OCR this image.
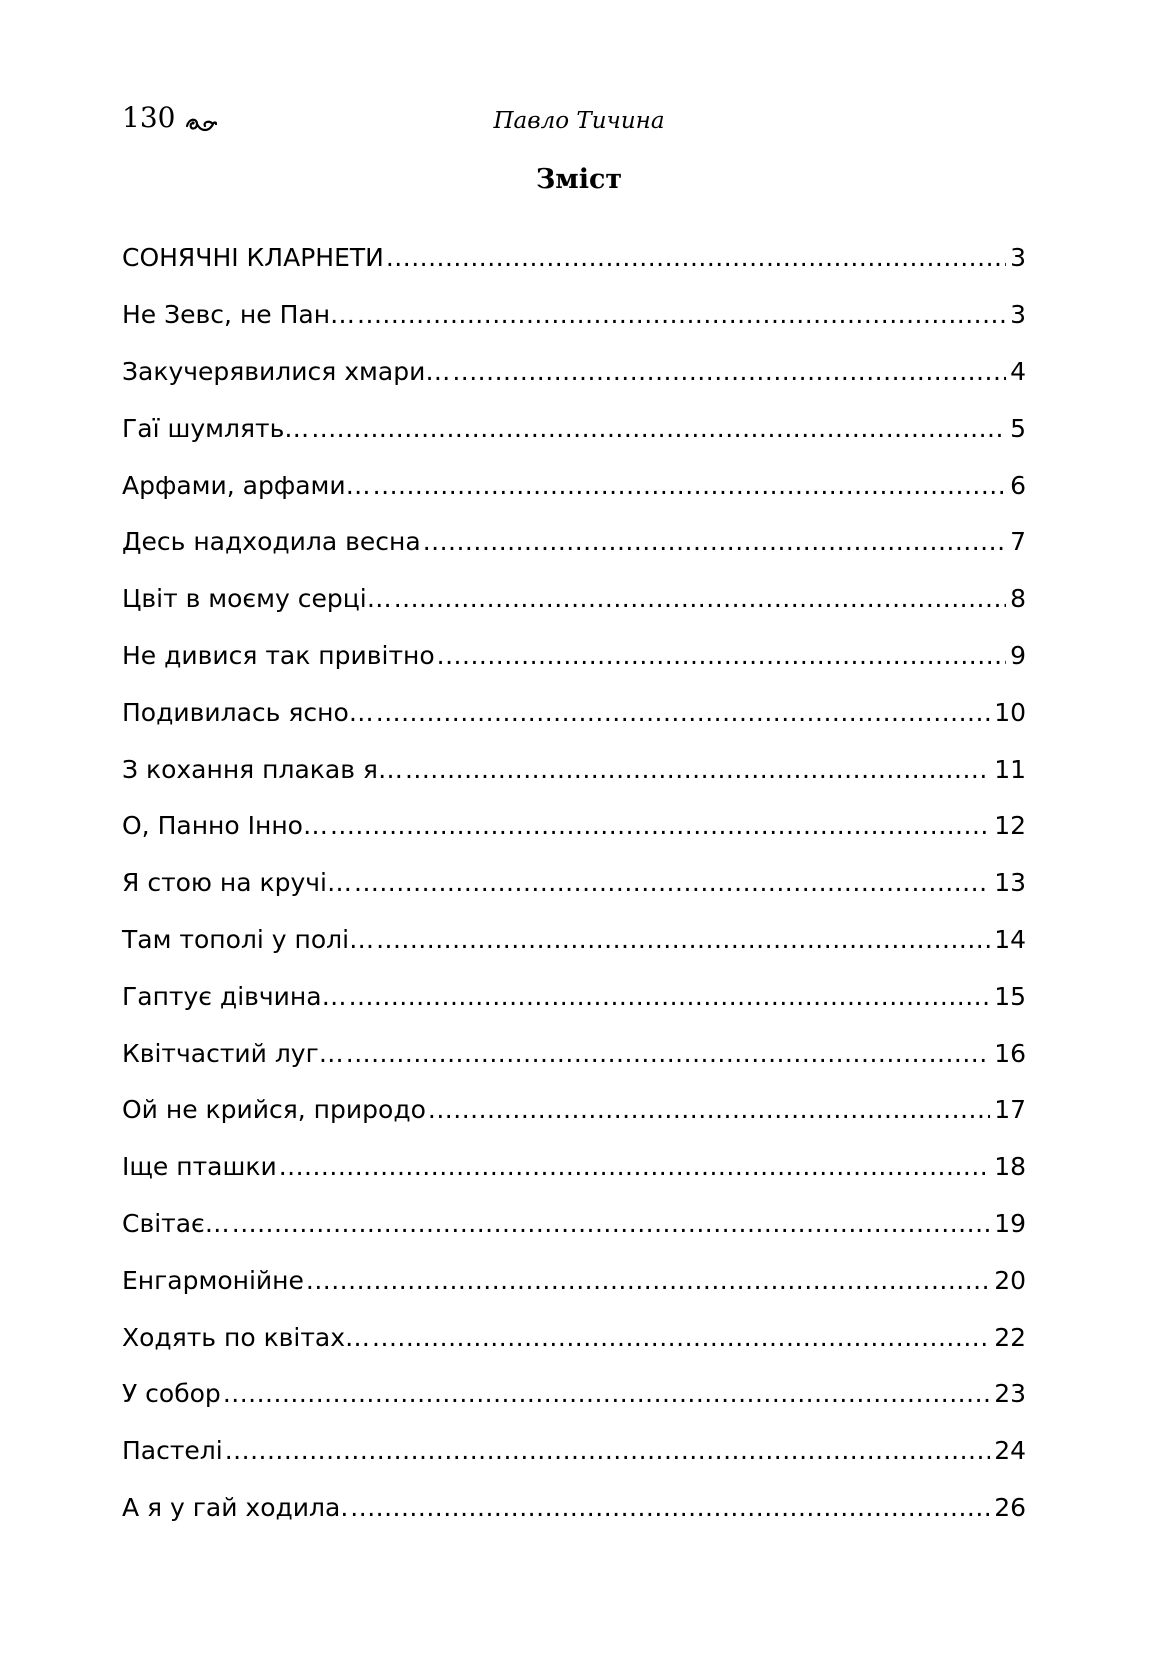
130	Павло Тичина
Зміст
СОНЯЧНІ КЛАРНЕТИ .....	3
Не Зевс, не Пан… .....	3
Закучерявилися хмари… .....	4
Гаї шумлять… .....	5
Арфами, арфами… .....	6
Десь надходила весна .....	7
Цвіт в моєму серці… .....	8
Не дивися так привітно .....	9
Подивилась ясно… .....	10
З кохання плакав я… .....	11
О, Панно Інно… .....	12
Я стою на кручі… .....	13
Там тополі у полі… .....	14
Гаптує дівчина… .....	15
Квітчастий луг… .....	16
Ой не крийся, природо .....	17
Іще пташки .....	18
Світає… .....	19
Енгармонійне .....	20
Ходять по квітах… .....	22
У собор .....	23
Пастелі .....	24
А я у гай ходила. .....	26
